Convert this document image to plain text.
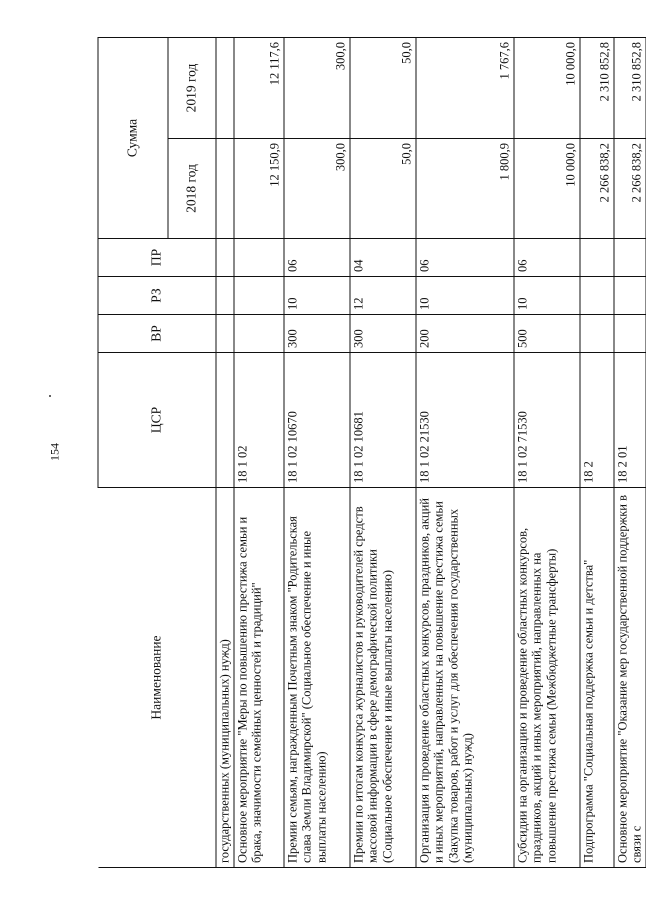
154
Наименование	ЦСР	ВР	РЗ	ПР	Сумма	
					2018 год	2019 год
государственных (муниципальных) нужд)						
Основное мероприятие "Меры по повышению престижа семьи и брака, значимости семейных ценностей и традиций"	18 1 02				12 150,9	12 117,6
Премии семьям, награжденным Почетным знаком "Родительская слава Земли Владимирской" (Социальное обеспечение и иные выплаты населению)	18 1 02 10670	300	10	06	300,0	300,0
Премии по итогам конкурса журналистов и руководителей средств массовой информации в сфере демографической политики (Социальное обеспечение и иные выплаты населению)	18 1 02 10681	300	12	04	50,0	50,0
Организация и проведение областных конкурсов, праздников, акций и иных мероприятий, направленных на повышение престижа семьи (Закупка товаров, работ и услуг для обеспечения государственных (муниципальных) нужд)	18 1 02 21530	200	10	06	1 800,9	1 767,6
Субсидии на организацию и проведение областных конкурсов, праздников, акций и иных мероприятий, направленных на повышение престижа семьи (Межбюджетные трансферты)	18 1 02 71530	500	10	06	10 000,0	10 000,0
Подпрограмма "Социальная поддержка семьи и детства"	18 2				2 266 838,2	2 310 852,8
Основное мероприятие "Оказание мер государственной поддержки в связи с	18 2 01				2 266 838,2	2 310 852,8
